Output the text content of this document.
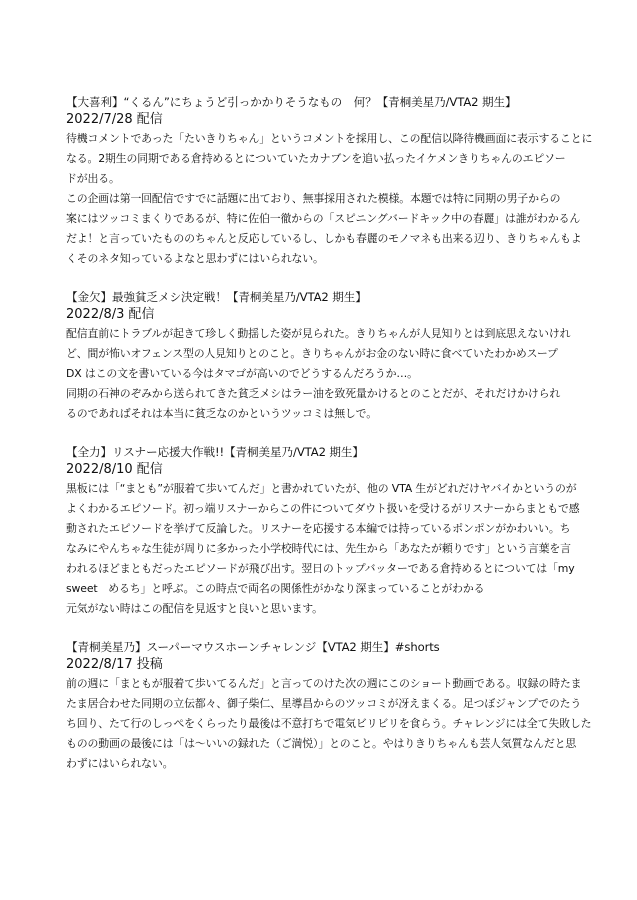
【大喜利】“くるん”にちょうど引っかかりそうなもの　何？【青桐美星乃/VTA2 期生】
2022/7/28 配信
待機コメントであった「たいきりちゃん」というコメントを採用し、この配信以降待機画面に表示することに
なる。2期生の同期である倉持めるとについていたカナブンを追い払ったイケメンきりちゃんのエピソー
ドが出る。
この企画は第一回配信ですでに話題に出ており、無事採用された模様。本題では特に同期の男子からの
案にはツッコミまくりであるが、特に佐伯一徹からの「スピニングバードキック中の春麗」は誰がわかるん
だよ！と言っていたもののちゃんと反応しているし、しかも春麗のモノマネも出来る辺り、きりちゃんもよ
くそのネタ知っているよなと思わずにはいられない。
【金欠】最強貧乏メシ決定戦！【青桐美星乃/VTA2 期生】
2022/8/3 配信
配信直前にトラブルが起きて珍しく動揺した姿が見られた。きりちゃんが人見知りとは到底思えないけれ
ど、間が怖いオフェンス型の人見知りとのこと。きりちゃんがお金のない時に食べていたわかめスープ
DX はこの文を書いている今はタマゴが高いのでどうするんだろうか…。
同期の石神のぞみから送られてきた貧乏メシはラー油を致死量かけるとのことだが、それだけかけられ
るのであればそれは本当に貧乏なのかというツッコミは無しで。
【全力】リスナー応援大作戦!!【青桐美星乃/VTA2 期生】
2022/8/10 配信
黒板には「“まとも”が服着て歩いてんだ」と書かれていたが、他の VTA 生がどれだけヤバイかというのが
よくわかるエピソード。初っ端リスナーからこの件についてダウト扱いを受けるがリスナーからまともで感
動されたエピソードを挙げて反論した。リスナーを応援する本編では持っているポンポンがかわいい。ち
なみにやんちゃな生徒が周りに多かった小学校時代には、先生から「あなたが頼りです」という言葉を言
われるほどまともだったエピソードが飛び出す。翌日のトップバッターである倉持めるとについては「my
sweet　めるち」と呼ぶ。この時点で両名の関係性がかなり深まっていることがわかる
元気がない時はこの配信を見返すと良いと思います。
【青桐美星乃】スーパーマウスホーンチャレンジ【VTA2 期生】#shorts
2022/8/17 投稿
前の週に「まともが服着て歩いてるんだ」と言ってのけた次の週にこのショート動画である。収録の時たま
たま居合わせた同期の立伝都々、御子柴仁、星導昌からのツッコミが冴えまくる。足つぼジャンプでのたう
ち回り、たて行のしっぺをくらったり最後は不意打ちで電気ビリビリを食らう。チャレンジには全て失敗した
ものの動画の最後には「は～いいの録れた（ご満悦）」とのこと。やはりきりちゃんも芸人気質なんだと思
わずにはいられない。
